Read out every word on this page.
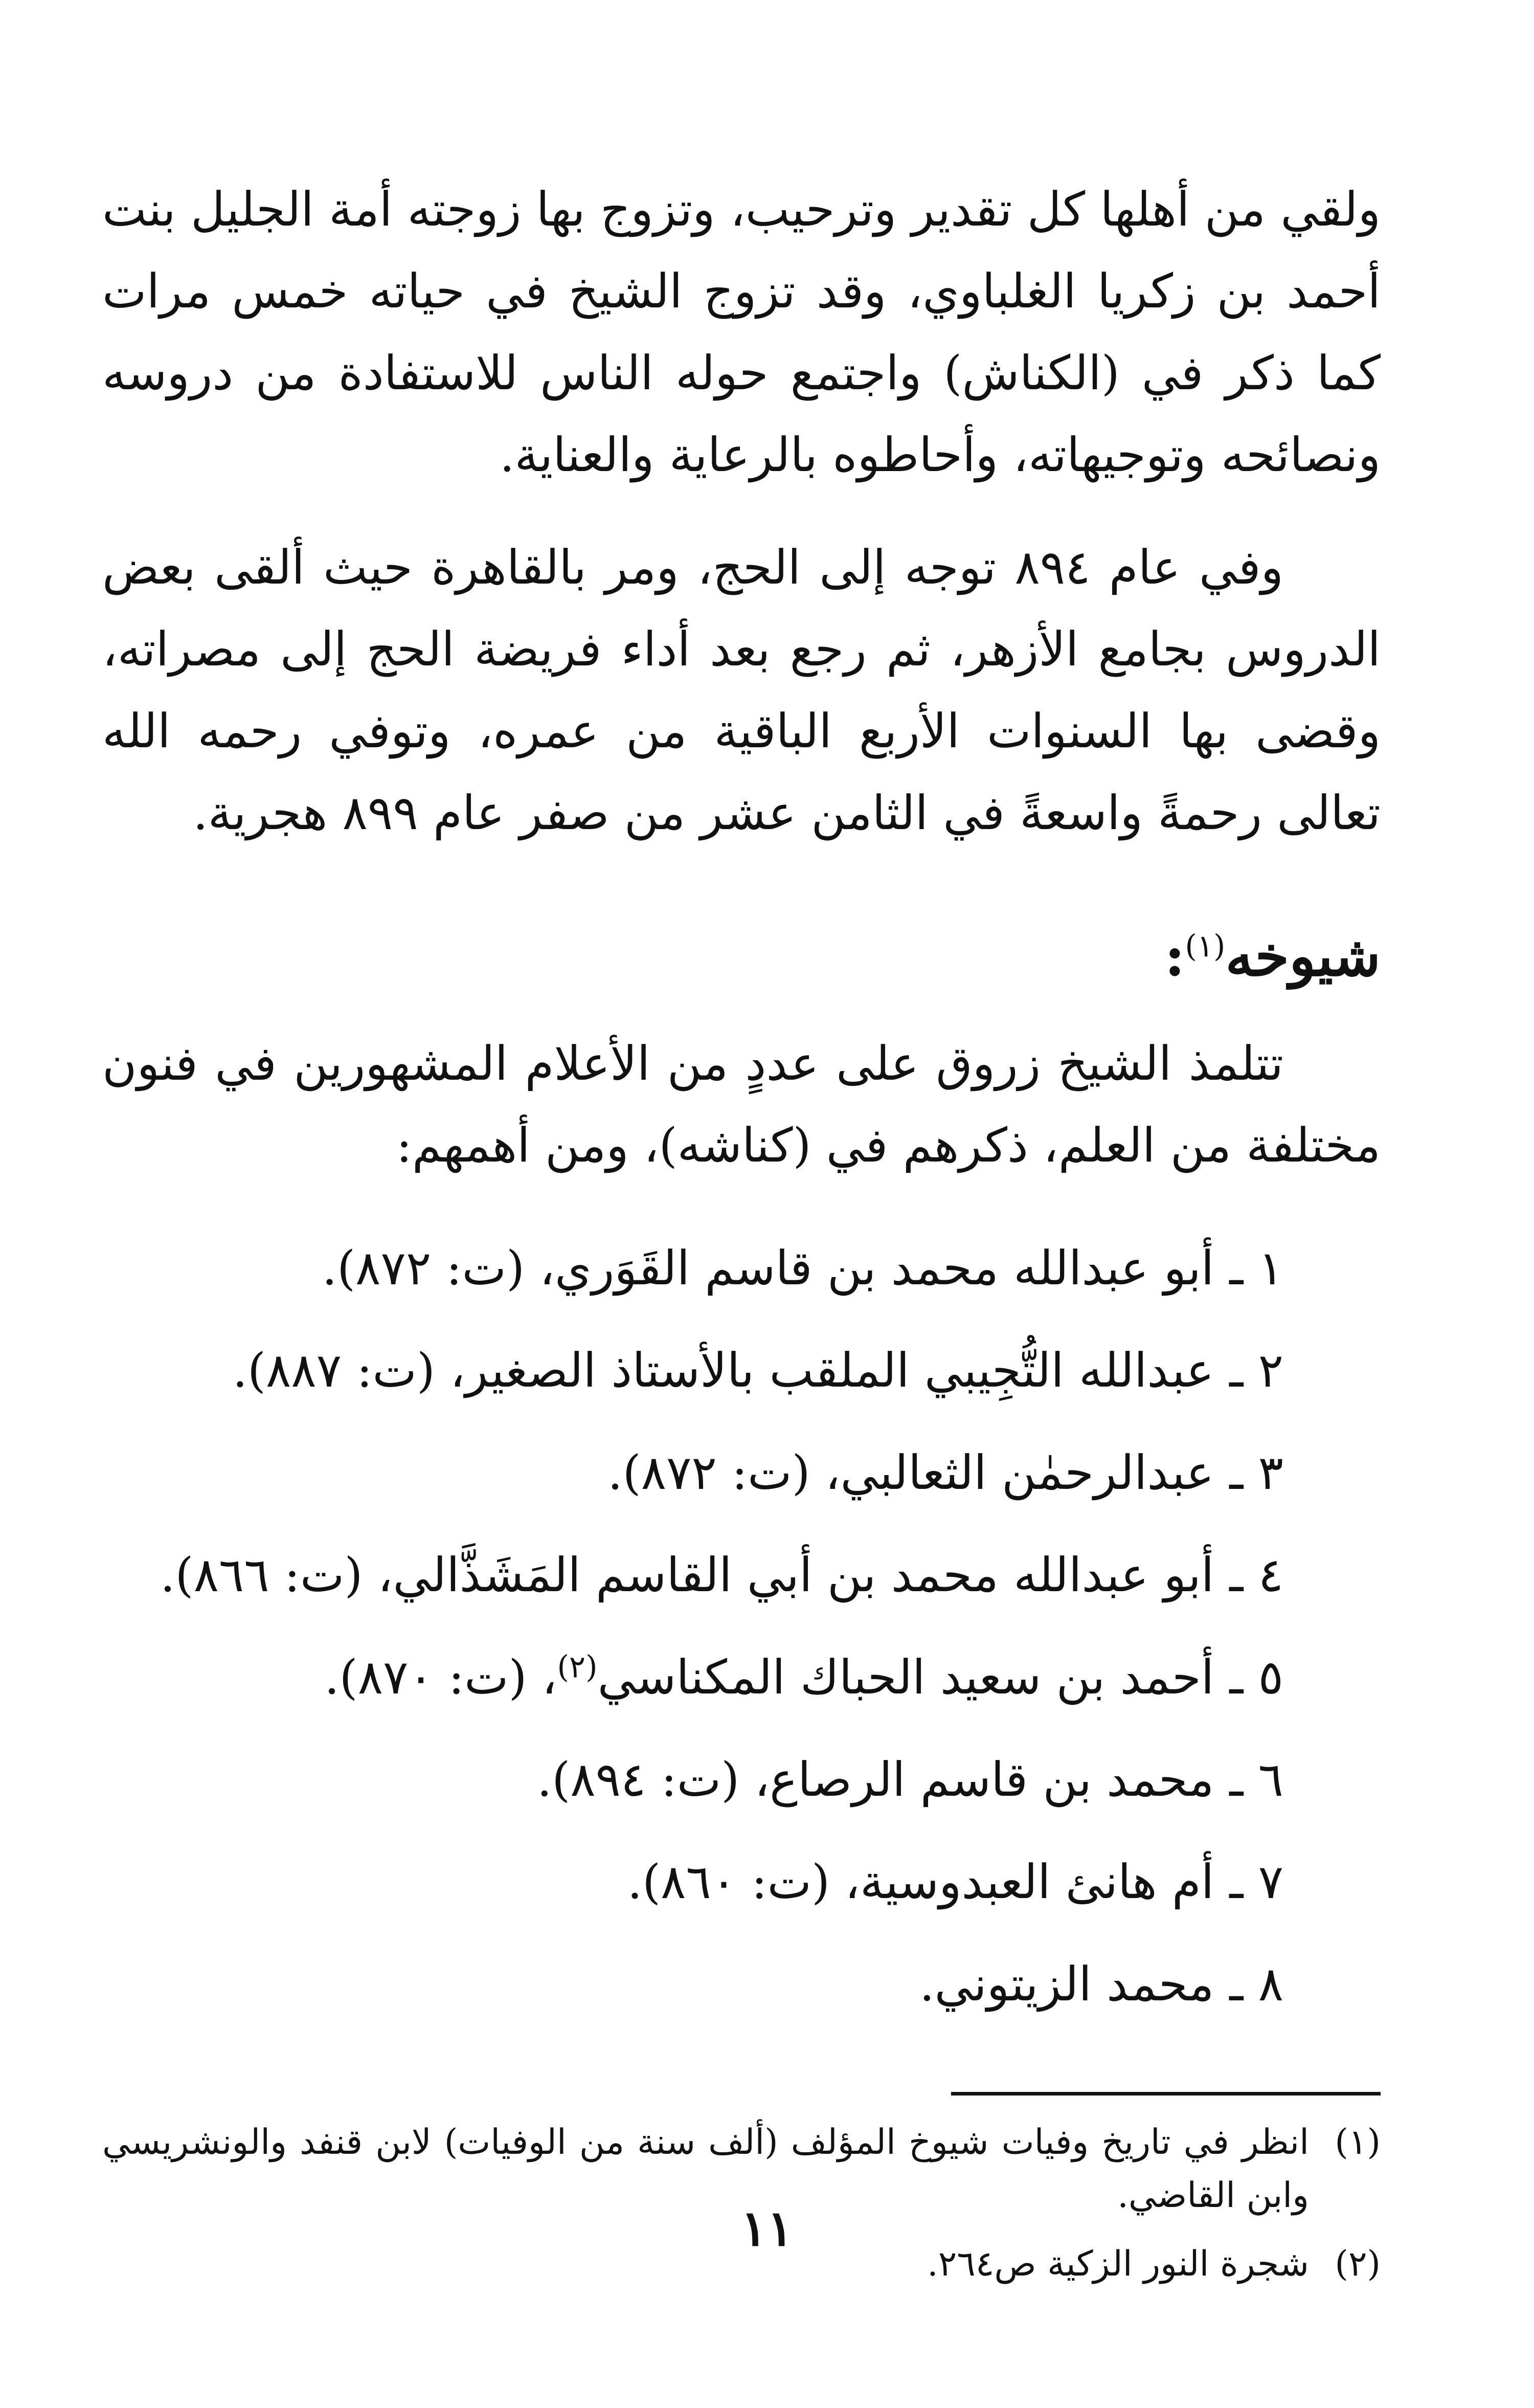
ولقي من أهلها كل تقدير وترحيب، وتزوج بها زوجته أمة الجليل بنت أحمد بن زكريا الغلباوي، وقد تزوج الشيخ في حياته خمس مرات كما ذكر في (الكناش) واجتمع حوله الناس للاستفادة من دروسه ونصائحه وتوجيهاته، وأحاطوه بالرعاية والعناية.

وفي عام ٨٩٤ توجه إلى الحج، ومر بالقاهرة حيث ألقى بعض الدروس بجامع الأزهر، ثم رجع بعد أداء فريضة الحج إلى مصراته، وقضى بها السنوات الأربع الباقية من عمره، وتوفي رحمه الله تعالى رحمةً واسعةً في الثامن عشر من صفر عام ٨٩٩ هجرية.

شيوخه$^{(١)}$:

تتلمذ الشيخ زروق على عددٍ من الأعلام المشهورين في فنون مختلفة من العلم، ذكرهم في (كناشه)، ومن أهمهم:

١ ـأبو عبدالله محمد بن قاسم القَوَري، (ت: ٨٧٢).
٢ ـعبدالله التُّجِيبي الملقب بالأستاذ الصغير، (ت: ٨٨٧).
٣ ـعبدالرحمٰن الثعالبي، (ت: ٨٧٢).
٤ ـأبو عبدالله محمد بن أبي القاسم المَشَذَّالي، (ت: ٨٦٦).
٥ ـأحمد بن سعيد الحباك المكناسي$^{(٢)}$، (ت: ٨٧٠).
٦ ـمحمد بن قاسم الرصاع، (ت: ٨٩٤).
٧ ـأم هانئ العبدوسية، (ت: ٨٦٠).
٨ ـمحمد الزيتوني.

(١)انظر في تاريخ وفيات شيوخ المؤلف (ألف سنة من الوفيات) لابن قنفد والونشريسي وابن القاضي.

(٢)شجرة النور الزكية ص٢٦٤.

١١
